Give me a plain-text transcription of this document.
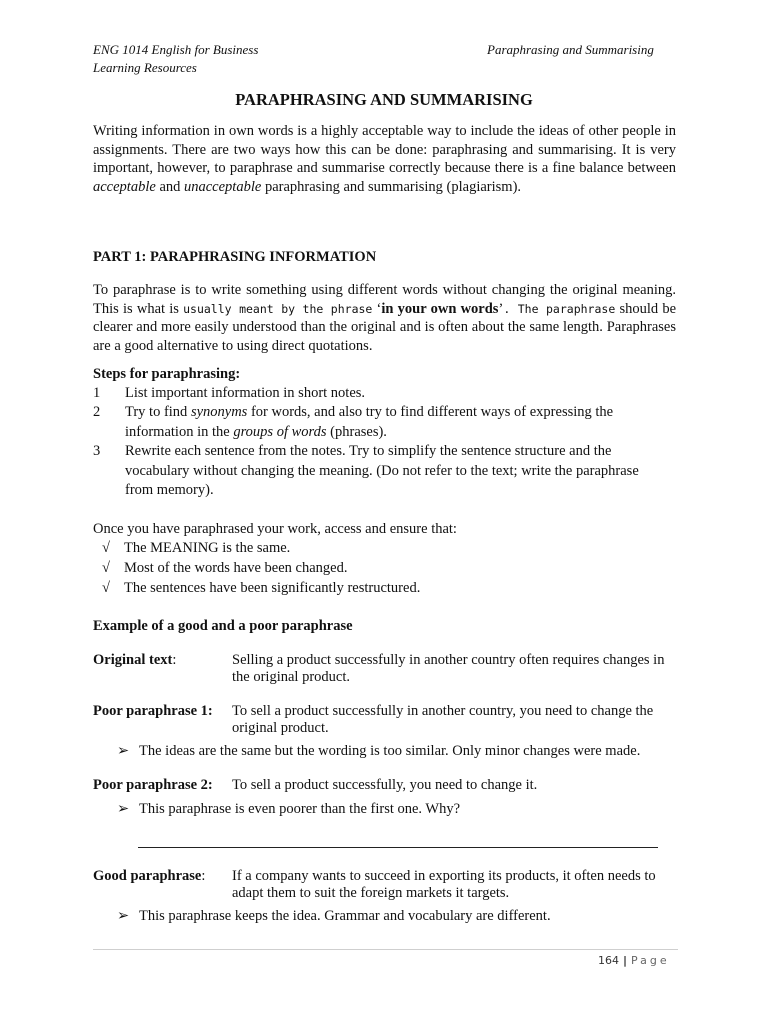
ENG 1014 English for Business
Learning Resources
Paraphrasing and Summarising
PARAPHRASING AND SUMMARISING
Writing information in own words is a highly acceptable way to include the ideas of other people in assignments. There are two ways how this can be done: paraphrasing and summarising. It is very important, however, to paraphrase and summarise correctly because there is a fine balance between acceptable and unacceptable paraphrasing and summarising (plagiarism).
PART 1: PARAPHRASING INFORMATION
To paraphrase is to write something using different words without changing the original meaning. This is what is usually meant by the phrase ‘in your own words’. The paraphrase should be clearer and more easily understood than the original and is often about the same length. Paraphrases are a good alternative to using direct quotations.
Steps for paraphrasing:
1 List important information in short notes.
2 Try to find synonyms for words, and also try to find different ways of expressing the information in the groups of words (phrases).
3 Rewrite each sentence from the notes. Try to simplify the sentence structure and the vocabulary without changing the meaning. (Do not refer to the text; write the paraphrase from memory).
Once you have paraphrased your work, access and ensure that:
√ The MEANING is the same.
√ Most of the words have been changed.
√ The sentences have been significantly restructured.
Example of a good and a poor paraphrase
Original text:	Selling a product successfully in another country often requires changes in the original product.
Poor paraphrase 1: To sell a product successfully in another country, you need to change the original product.
➢ The ideas are the same but the wording is too similar. Only minor changes were made.
Poor paraphrase 2: To sell a product successfully, you need to change it.
➢ This paraphrase is even poorer than the first one. Why?
Good paraphrase: If a company wants to succeed in exporting its products, it often needs to adapt them to suit the foreign markets it targets.
➢ This paraphrase keeps the idea. Grammar and vocabulary are different.
164 | Page
